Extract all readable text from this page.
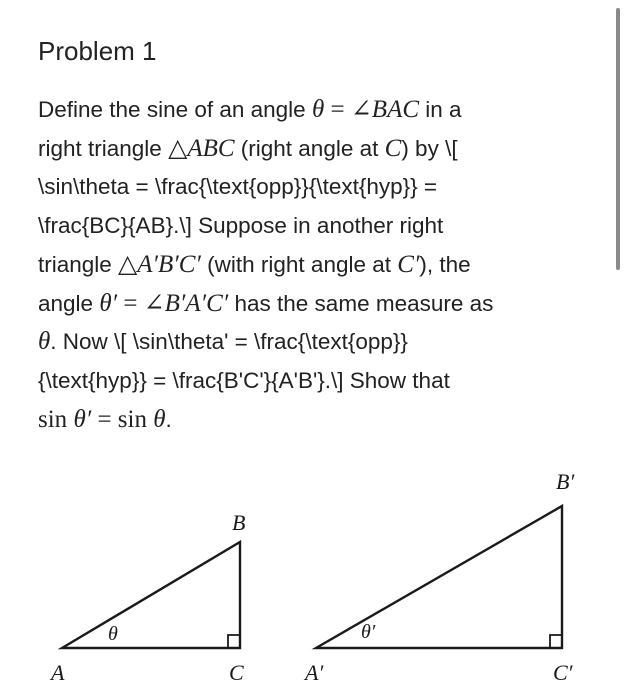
Problem 1
Define the sine of an angle θ = ∠BAC in a
right triangle △ABC (right angle at C) by \[
\sin\theta = \frac{\text{opp}}{\text{hyp}} =
\frac{BC}{AB}.\] Suppose in another right
triangle △A′B′C′ (with right angle at C′), the
angle θ′ = ∠B′A′C′ has the same measure as
θ. Now \[ \sin\theta' = \frac{\text{opp}}
{\text{hyp}} = \frac{B'C'}{A'B'}.\] Show that
sin θ′ = sin θ.
A
B
C
θ
A′
B′
C′
θ′
